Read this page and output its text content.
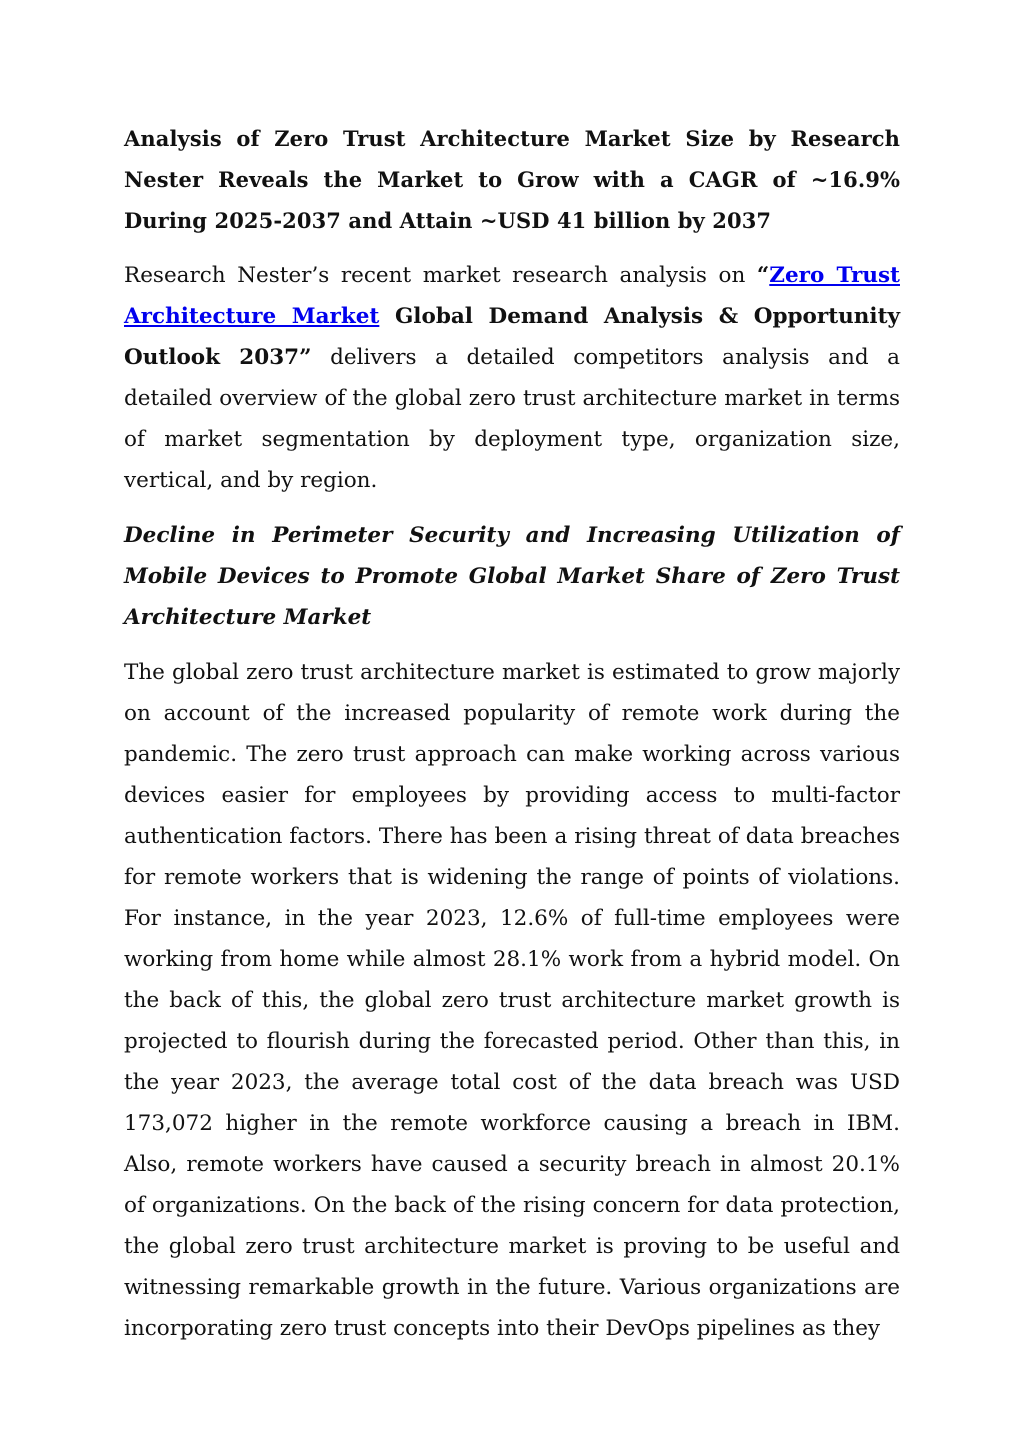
Analysis of Zero Trust Architecture Market Size by Research Nester Reveals the Market to Grow with a CAGR of ~16.9% During 2025-2037 and Attain ~USD 41 billion by 2037

Research Nester’s recent market research analysis on “Zero Trust Architecture Market Global Demand Analysis & Opportunity Outlook 2037” delivers a detailed competitors analysis and a detailed overview of the global zero trust architecture market in terms of market segmentation by deployment type, organization size, vertical, and by region.

Decline in Perimeter Security and Increasing Utilization of Mobile Devices to Promote Global Market Share of Zero Trust Architecture Market

The global zero trust architecture market is estimated to grow majorly on account of the increased popularity of remote work during the pandemic. The zero trust approach can make working across various devices easier for employees by providing access to multi-factor authentication factors. There has been a rising threat of data breaches for remote workers that is widening the range of points of violations. For instance, in the year 2023, 12.6% of full-time employees were working from home while almost 28.1% work from a hybrid model. On the back of this, the global zero trust architecture market growth is projected to flourish during the forecasted period. Other than this, in the year 2023, the average total cost of the data breach was USD 173,072 higher in the remote workforce causing a breach in IBM. Also, remote workers have caused a security breach in almost 20.1% of organizations. On the back of the rising concern for data protection, the global zero trust architecture market is proving to be useful and witnessing remarkable growth in the future. Various organizations are incorporating zero trust concepts into their DevOps pipelines as they
